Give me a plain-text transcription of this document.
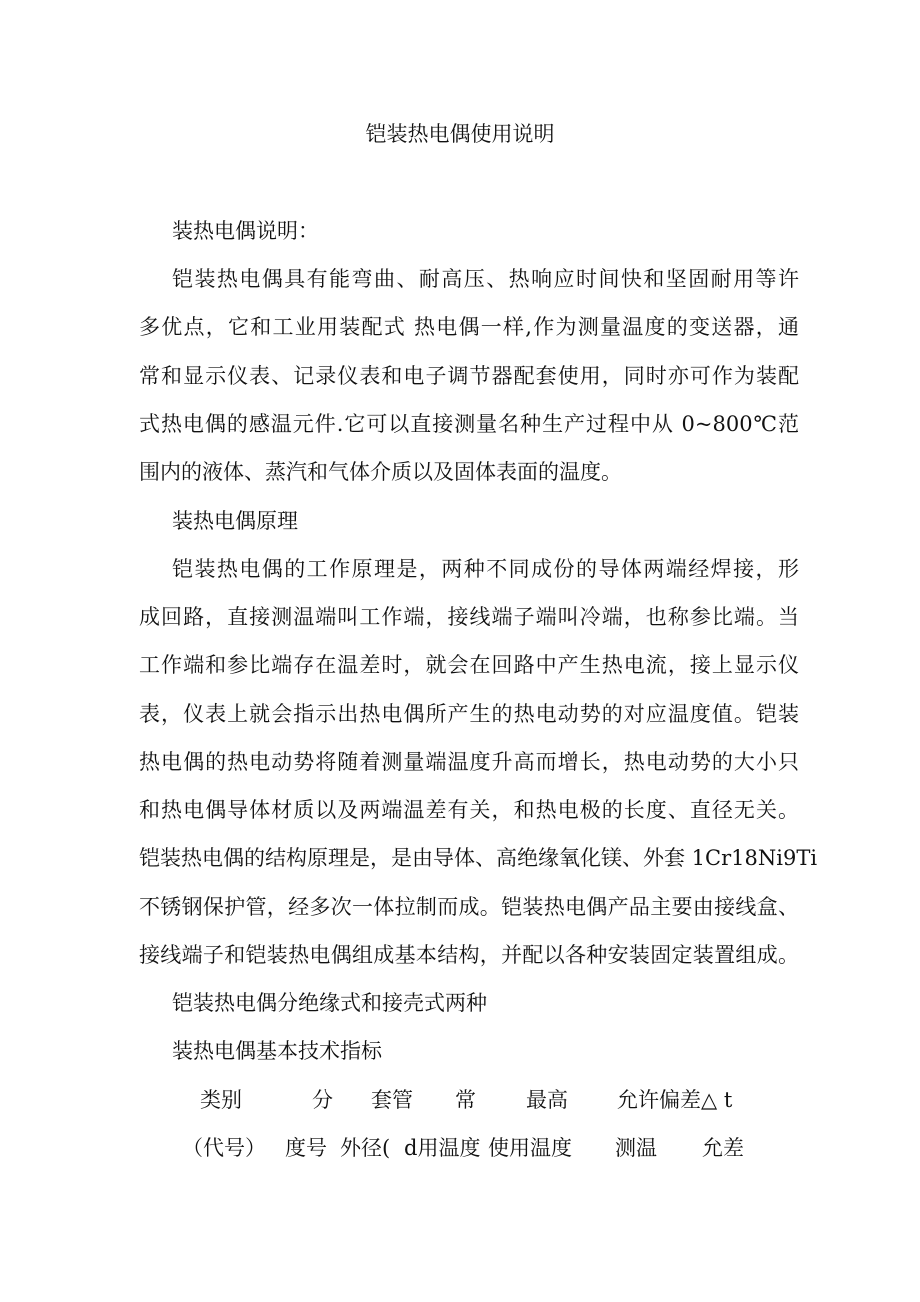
铠装热电偶使用说明
装热电偶说明：
铠装热电偶具有能弯曲、耐高压、热响应时间快和坚固耐用等许
多优点，它和工业用装配式 热电偶一样,作为测量温度的变送器，通
常和显示仪表、记录仪表和电子调节器配套使用，同时亦可作为装配
式热电偶的感温元件.它可以直接测量名种生产过程中从 0~800℃范
围内的液体、蒸汽和气体介质以及固体表面的温度。
装热电偶原理
铠装热电偶的工作原理是，两种不同成份的导体两端经焊接，形
成回路，直接测温端叫工作端，接线端子端叫冷端，也称参比端。当
工作端和参比端存在温差时，就会在回路中产生热电流，接上显示仪
表，仪表上就会指示出热电偶所产生的热电动势的对应温度值。铠装
热电偶的热电动势将随着测量端温度升高而增长，热电动势的大小只
和热电偶导体材质以及两端温差有关，和热电极的长度、直径无关。
铠装热电偶的结构原理是，是由导体、高绝缘氧化镁、外套 1Cr18Ni9Ti
不锈钢保护管，经多次一体拉制而成。铠装热电偶产品主要由接线盒、
接线端子和铠装热电偶组成基本结构，并配以各种安装固定装置组成。
铠装热电偶分绝缘式和接壳式两种
装热电偶基本技术指标
类别	分 套管 常 最高 允许偏差△ t
（代号） 度号 外径( d用温度 使用温度 测温 允差
